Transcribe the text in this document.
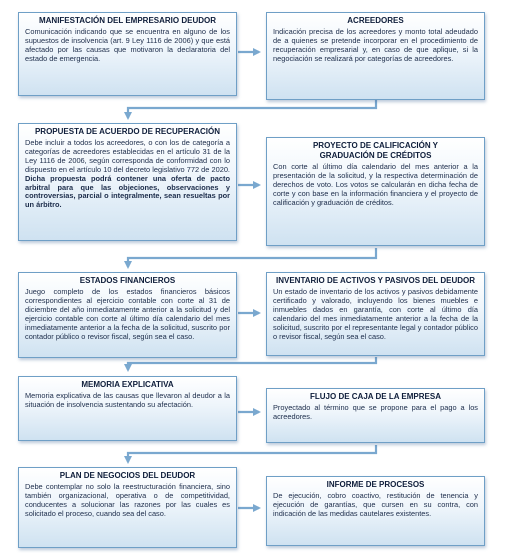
MANIFESTACIÓN DEL EMPRESARIO DEUDOR
Comunicación indicando que se encuentra en alguno de los supuestos de insolvencia (art. 9 Ley 1116 de 2006) y que está afectado por las causas que motivaron la declaratoria del estado de emergencia.
ACREEDORES
Indicación precisa de los acreedores y monto total adeudado de a quienes se pretende incorporar en el procedimiento de recuperación empresarial y, en caso de que aplique, si la negociación se realizará por categorías de acreedores.
PROPUESTA DE ACUERDO DE RECUPERACIÓN
Debe incluir a todos los acreedores, o con los de categoría a categorías de acreedores establecidas en el artículo 31 de la Ley 1116 de 2006, según corresponda de conformidad con lo dispuesto en el artículo 10 del decreto legislativo 772 de 2020. Dicha propuesta podrá contener una oferta de pacto arbitral para que las objeciones, observaciones y controversias, parcial o integralmente, sean resueltas por un árbitro.
PROYECTO DE CALIFICACIÓN Y GRADUACIÓN DE CRÉDITOS
Con corte al último día calendario del mes anterior a la presentación de la solicitud, y la respectiva determinación de derechos de voto. Los votos se calcularán en dicha fecha de corte y con base en la información financiera y el proyecto de calificación y graduación de créditos.
ESTADOS FINANCIEROS
Juego completo de los estados financieros básicos correspondientes al ejercicio contable con corte al 31 de diciembre del año inmediatamente anterior a la solicitud y del ejercicio contable con corte al último día calendario del mes inmediatamente anterior a la fecha de la solicitud, suscrito por contador público o revisor fiscal, según sea el caso.
INVENTARIO DE ACTIVOS Y PASIVOS DEL DEUDOR
Un estado de inventario de los activos y pasivos debidamente certificado y valorado, incluyendo los bienes muebles e inmuebles dados en garantía, con corte al último día calendario del mes inmediatamente anterior a la fecha de la solicitud, suscrito por el representante legal y contador público o revisor fiscal, según sea el caso.
MEMORIA EXPLICATIVA
Memoria explicativa de las causas que llevaron al deudor a la situación de insolvencia sustentando su afectación.
FLUJO DE CAJA DE LA EMPRESA
Proyectado al término que se propone para el pago a los acreedores.
PLAN DE NEGOCIOS DEL DEUDOR
Debe contemplar no solo la reestructuración financiera, sino también organizacional, operativa o de competitividad, conducentes a solucionar las razones por las cuales es solicitado el proceso, cuando sea del caso.
INFORME DE PROCESOS
De ejecución, cobro coactivo, restitución de tenencia y ejecución de garantías, que cursen en su contra, con indicación de las medidas cautelares existentes.
